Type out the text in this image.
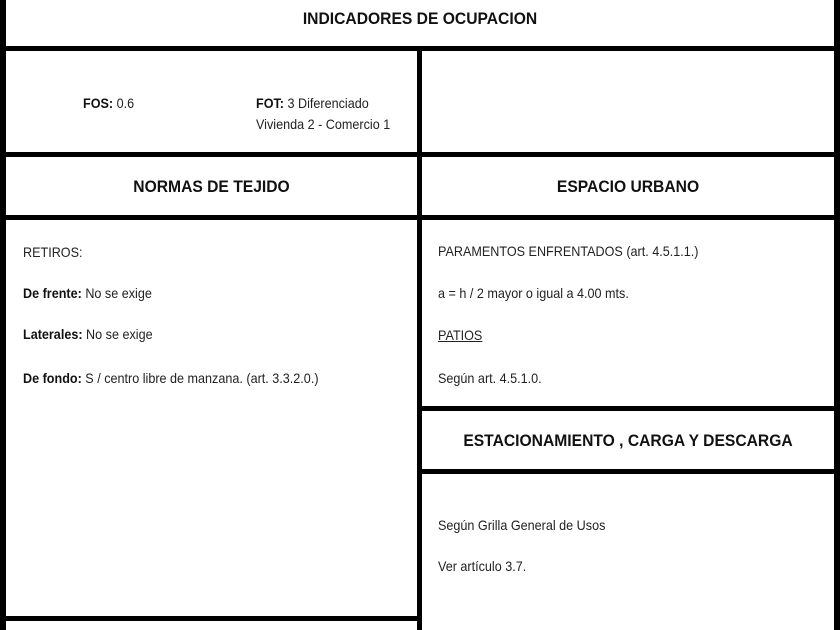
INDICADORES DE OCUPACION
FOS: 0.6	FOT: 3 Diferenciado
Vivienda 2 - Comercio 1
NORMAS DE TEJIDO	ESPACIO URBANO
RETIROS:
De frente: No se exige
Laterales: No se exige
De fondo: S / centro libre de manzana. (art. 3.3.2.0.)
PARAMENTOS ENFRENTADOS (art. 4.5.1.1.)
a = h / 2 mayor o igual a 4.00 mts.
PATIOS
Según art. 4.5.1.0.
ESTACIONAMIENTO , CARGA Y DESCARGA
Según Grilla General de Usos
Ver artículo 3.7.
